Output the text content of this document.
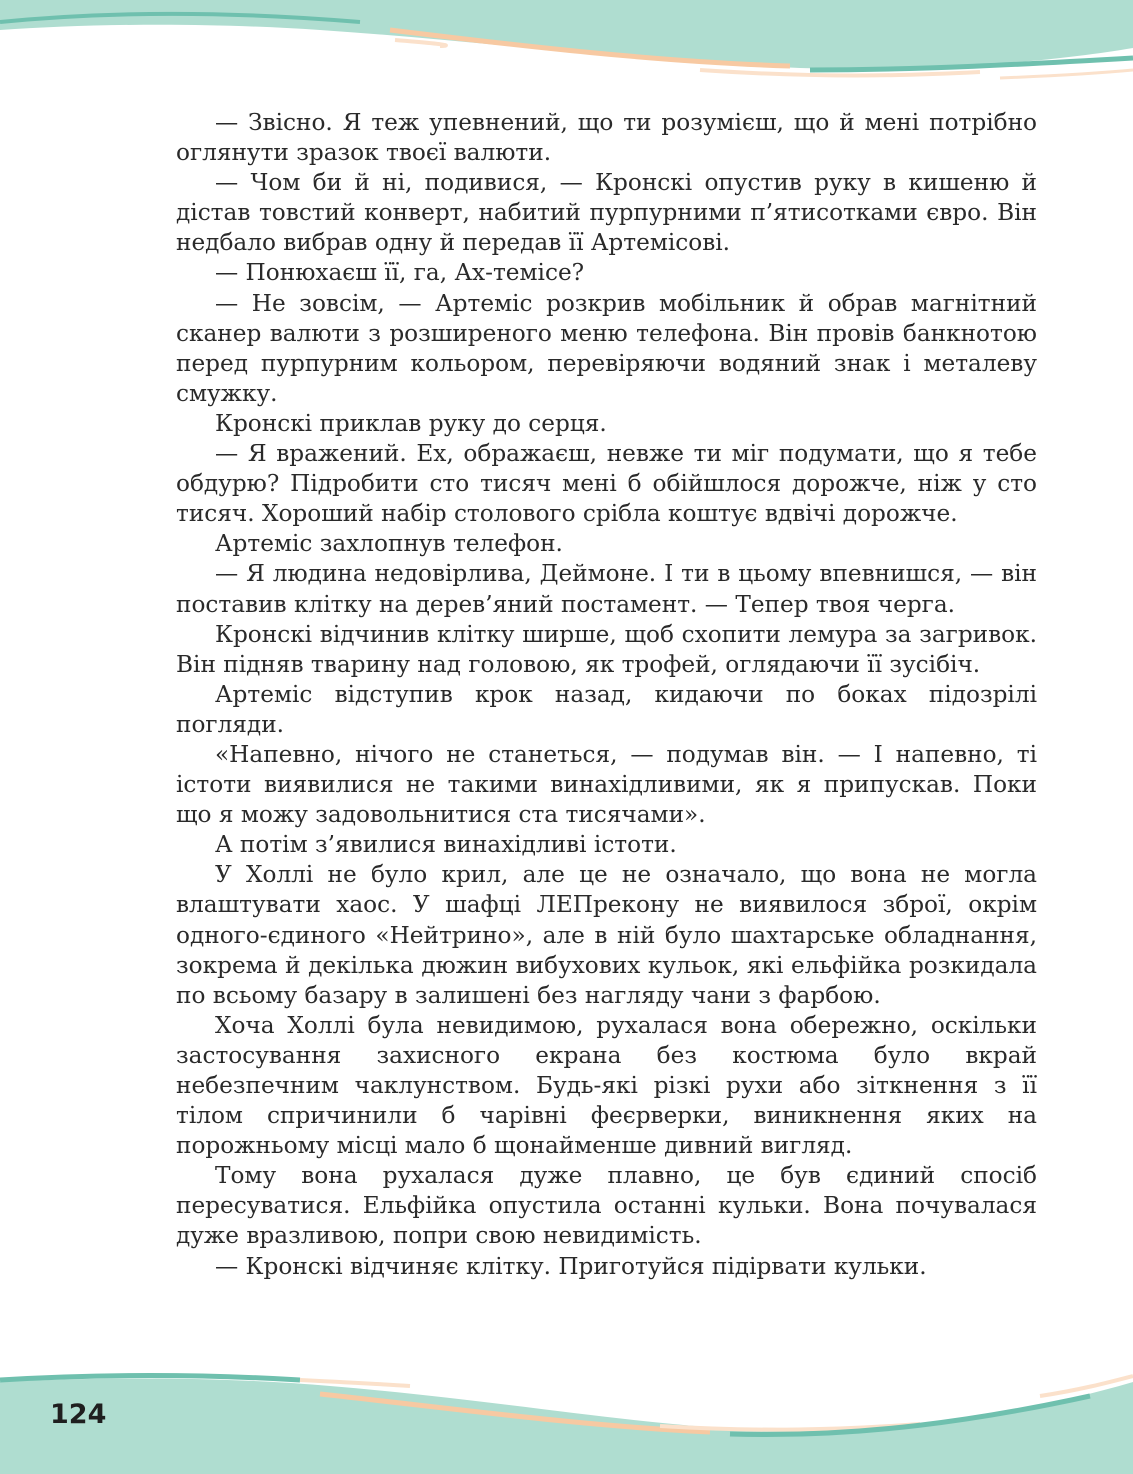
— Звісно. Я теж упевнений, що ти розумієш, що й мені потрібно оглянути зразок твоєї валюти.

— Чом би й ні, подивися, — Кронскі опустив руку в кишеню й дістав товстий конверт, набитий пурпурними п’ятисотками євро. Він недбало вибрав одну й передав її Артемісові.

— Понюхаєш її, га, Ах-темісе?

— Не зовсім, — Артеміс розкрив мобільник й обрав магнітний сканер валюти з розширеного меню телефона. Він провів банкнотою перед пурпурним кольором, перевіряючи водяний знак і металеву смужку.

Кронскі приклав руку до серця.

— Я вражений. Ех, ображаєш, невже ти міг подумати, що я тебе обдурю? Підробити сто тисяч мені б обійшлося дорожче, ніж у сто тисяч. Хороший набір столового срібла коштує вдвічі дорожче.

Артеміс захлопнув телефон.

— Я людина недовірлива, Деймоне. І ти в цьому впевнишся, — він поставив клітку на дерев’яний постамент. — Тепер твоя черга.

Кронскі відчинив клітку ширше, щоб схопити лемура за загривок. Він підняв тварину над головою, як трофей, оглядаючи її зусібіч.

Артеміс відступив крок назад, кидаючи по боках підозрілі погляди.

«Напевно, нічого не станеться, — подумав він. — І напевно, ті істоти виявилися не такими винахідливими, як я припускав. Поки що я можу задовольнитися ста тисячами».

А потім з’явилися винахідливі істоти.

У Холлі не було крил, але це не означало, що вона не могла влаштувати хаос. У шафці ЛЕПрекону не виявилося зброї, окрім одного-єдиного «Нейтрино», але в ній було шахтарське обладнання, зокрема й декілька дюжин вибухових кульок, які ельфійка розкидала по всьому базару в залишені без нагляду чани з фарбою.

Хоча Холлі була невидимою, рухалася вона обережно, оскільки застосування захисного екрана без костюма було вкрай небезпечним чаклунством. Будь-які різкі рухи або зіткнення з її тілом спричинили б чарівні феєрверки, виникнення яких на порожньому місці мало б щонайменше дивний вигляд.

Тому вона рухалася дуже плавно, це був єдиний спосіб пересуватися. Ельфійка опустила останні кульки. Вона почувалася дуже вразливою, попри свою невидимість.

— Кронскі відчиняє клітку. Приготуйся підірвати кульки.

124
